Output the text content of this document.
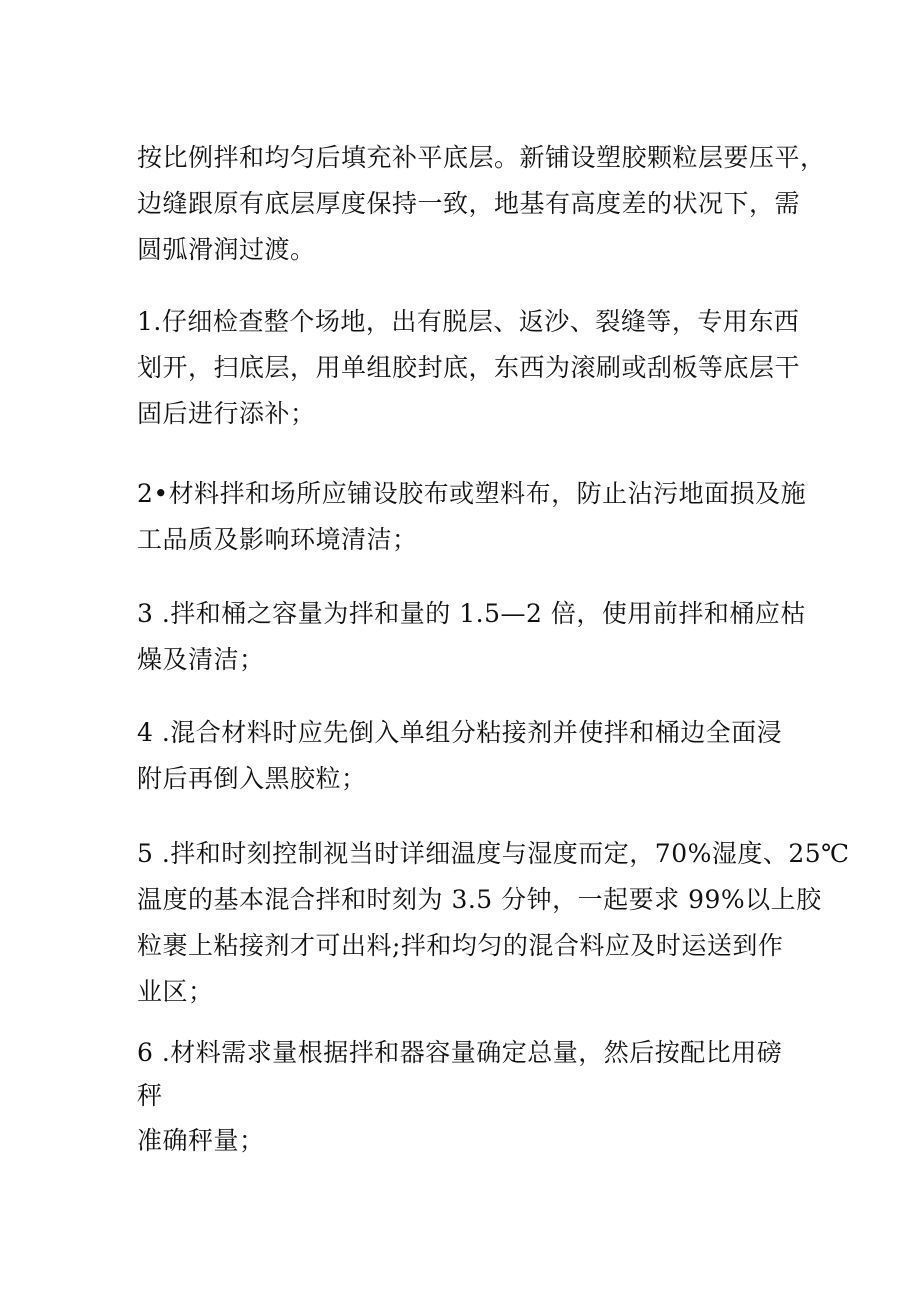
按比例拌和均匀后填充补平底层。新铺设塑胶颗粒层要压平，
边缝跟原有底层厚度保持一致，地基有高度差的状况下，需
圆弧滑润过渡。
1.仔细检查整个场地，出有脱层、返沙、裂缝等，专用东西
划开，扫底层，用单组胶封底，东西为滚刷或刮板等底层干
固后进行添补；
2•材料拌和场所应铺设胶布或塑料布，防止沾污地面损及施
工品质及影响环境清洁；
3 .拌和桶之容量为拌和量的 1.5—2 倍，使用前拌和桶应枯
燥及清洁；
4 .混合材料时应先倒入单组分粘接剂并使拌和桶边全面浸
附后再倒入黑胶粒；
5 .拌和时刻控制视当时详细温度与湿度而定，70%湿度、25℃
温度的基本混合拌和时刻为 3.5 分钟，一起要求 99%以上胶
粒裹上粘接剂才可出料;拌和均匀的混合料应及时运送到作
业区；
6 .材料需求量根据拌和器容量确定总量，然后按配比用磅
秤
准确秤量；
